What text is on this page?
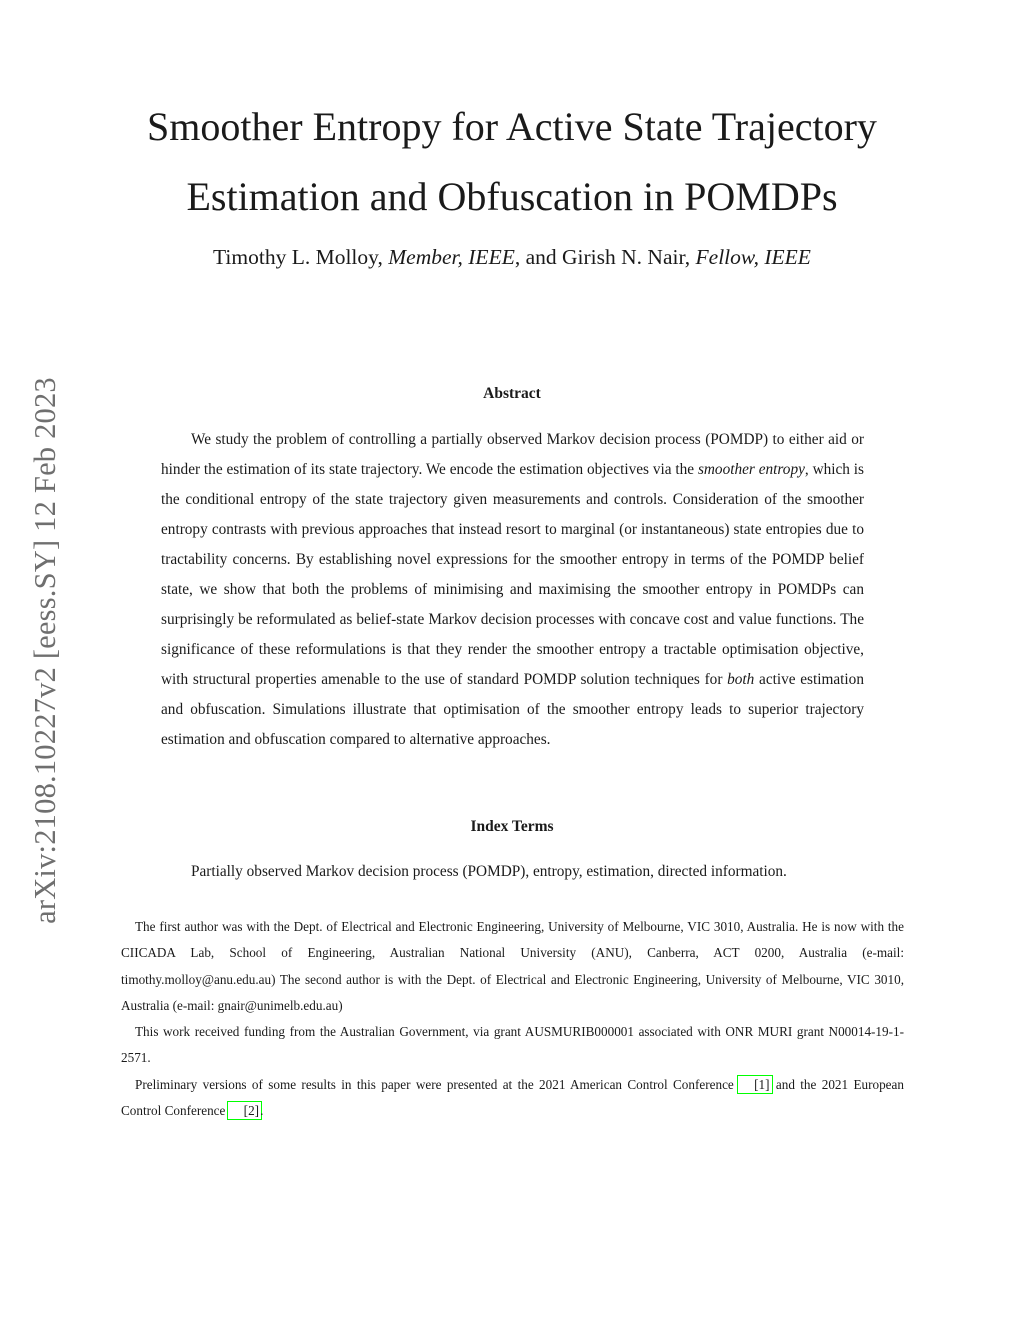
arXiv:2108.10227v2 [eess.SY] 12 Feb 2023
Smoother Entropy for Active State Trajectory
Estimation and Obfuscation in POMDPs

Timothy L. Molloy, Member, IEEE, and Girish N. Nair, Fellow, IEEE

Abstract

We study the problem of controlling a partially observed Markov decision process (POMDP) to either aid or hinder the estimation of its state trajectory. We encode the estimation objectives via the smoother entropy, which is the conditional entropy of the state trajectory given measurements and controls. Consideration of the smoother entropy contrasts with previous approaches that instead resort to marginal (or instantaneous) state entropies due to tractability concerns. By establishing novel expressions for the smoother entropy in terms of the POMDP belief state, we show that both the problems of minimising and maximising the smoother entropy in POMDPs can surprisingly be reformulated as belief-state Markov decision processes with concave cost and value functions. The significance of these reformulations is that they render the smoother entropy a tractable optimisation objective, with structural properties amenable to the use of standard POMDP solution techniques for both active estimation and obfuscation. Simulations illustrate that optimisation of the smoother entropy leads to superior trajectory estimation and obfuscation compared to alternative approaches.

Index Terms

Partially observed Markov decision process (POMDP), entropy, estimation, directed information.

The first author was with the Dept. of Electrical and Electronic Engineering, University of Melbourne, VIC 3010, Australia. He is now with the CIICADA Lab, School of Engineering, Australian National University (ANU), Canberra, ACT 0200, Australia (e-mail: timothy.molloy@anu.edu.au) The second author is with the Dept. of Electrical and Electronic Engineering, University of Melbourne, VIC 3010, Australia (e-mail: gnair@unimelb.edu.au)

This work received funding from the Australian Government, via grant AUSMURIB000001 associated with ONR MURI grant N00014-19-1-2571.

Preliminary versions of some results in this paper were presented at the 2021 American Control Conference [1] and the 2021 European Control Conference [2].
